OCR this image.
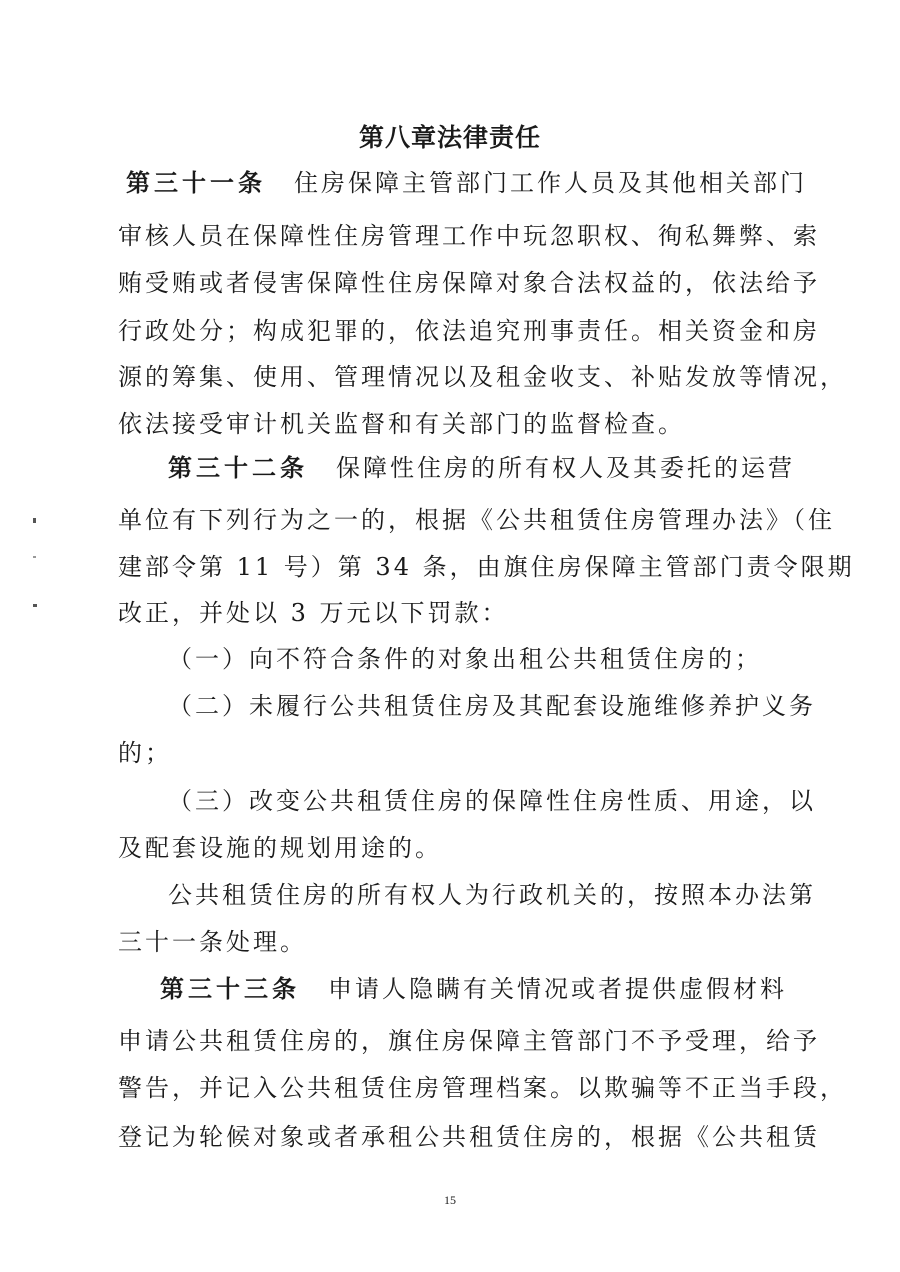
第八章法律责任
第三十一条 住房保障主管部门工作人员及其他相关部门
审核人员在保障性住房管理工作中玩忽职权、徇私舞弊、索
贿受贿或者侵害保障性住房保障对象合法权益的，依法给予
行政处分；构成犯罪的，依法追究刑事责任。相关资金和房
源的筹集、使用、管理情况以及租金收支、补贴发放等情况，
依法接受审计机关监督和有关部门的监督检查。
第三十二条 保障性住房的所有权人及其委托的运营
单位有下列行为之一的，根据《公共租赁住房管理办法》（住
建部令第 11 号）第 34 条，由旗住房保障主管部门责令限期
改正，并处以 3 万元以下罚款：
（一）向不符合条件的对象出租公共租赁住房的；
（二）未履行公共租赁住房及其配套设施维修养护义务
的；
（三）改变公共租赁住房的保障性住房性质、用途，以
及配套设施的规划用途的。
公共租赁住房的所有权人为行政机关的，按照本办法第
三十一条处理。
第三十三条 申请人隐瞒有关情况或者提供虚假材料
申请公共租赁住房的，旗住房保障主管部门不予受理，给予
警告，并记入公共租赁住房管理档案。以欺骗等不正当手段，
登记为轮候对象或者承租公共租赁住房的，根据《公共租赁
15
